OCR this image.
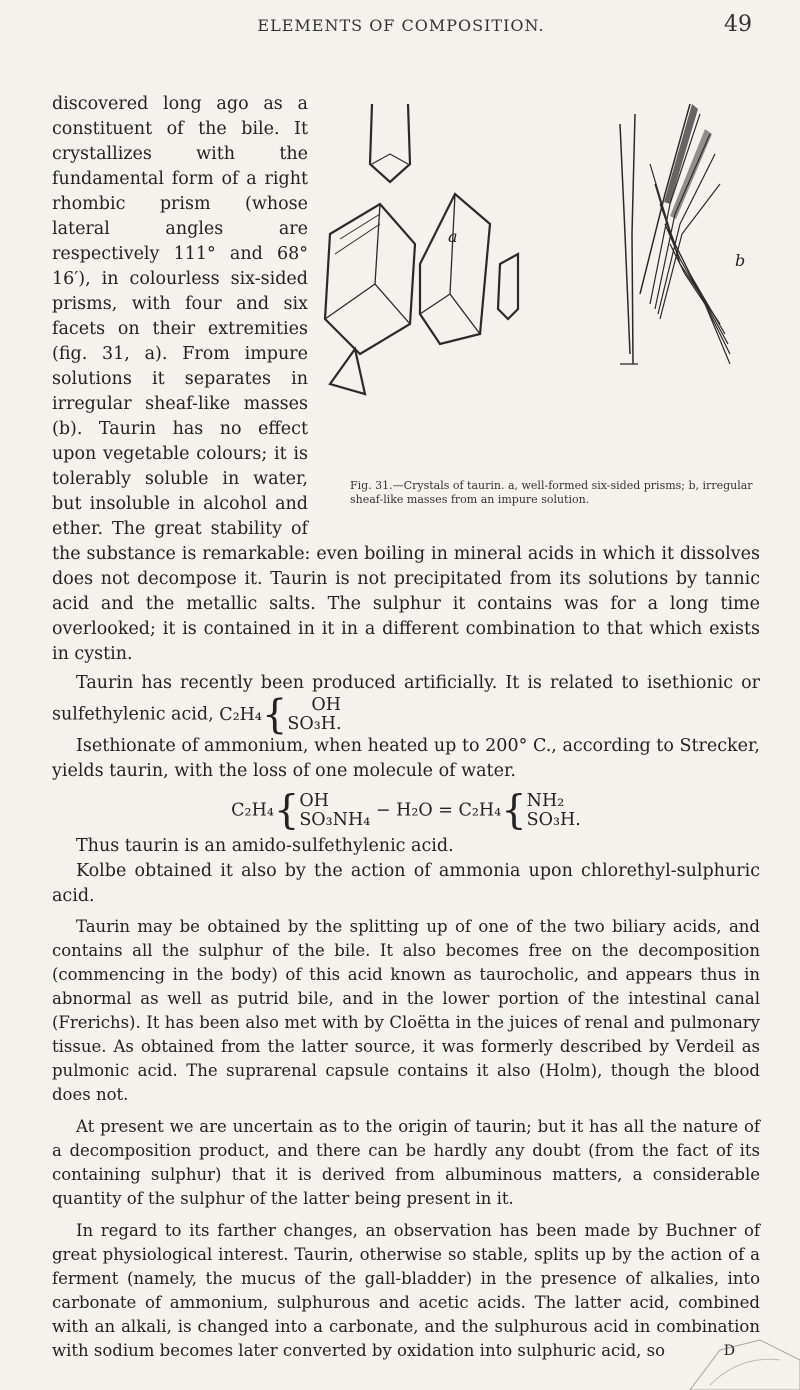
ELEMENTS OF COMPOSITION.	49
a
b
Fig. 31.—Crystals of taurin. a, well-formed six-sided prisms; b, irregular sheaf-like masses from an impure solution.

discovered long ago as a constituent of the bile. It crystallizes with the fundamental form of a right rhombic prism (whose lateral angles are respectively 111° and 68° 16′), in colourless six-sided prisms, with four and six facets on their extremities (fig. 31, a). From impure solutions it separates in irregular sheaf-like masses (b). Taurin has no effect upon vegetable colours; it is tolerably soluble in water, but insoluble in alcohol and ether. The great stability of the substance is remarkable: even boiling in mineral acids in which it dissolves does not decompose it. Taurin is not precipitated from its solutions by tannic acid and the metallic salts. The sulphur it contains was for a long time overlooked; it is contained in it in a different combination to that which exists in cystin.

Taurin has recently been produced artificially. It is related to isethionic or sulfethylenic acid, C₂H₄{ OH
SO₃H.

Isethionate of ammonium, when heated up to 200° C., according to Strecker, yields taurin, with the loss of one molecule of water.

C₂H₄{OH
SO₃NH₄ − H₂O = C₂H₄{NH₂
SO₃H.

Thus taurin is an amido-sulfethylenic acid.

Kolbe obtained it also by the action of ammonia upon chlorethyl-sulphuric acid.

Taurin may be obtained by the splitting up of one of the two biliary acids, and contains all the sulphur of the bile. It also becomes free on the decomposition (commencing in the body) of this acid known as taurocholic, and appears thus in abnormal as well as putrid bile, and in the lower portion of the intestinal canal (Frerichs). It has been also met with by Cloëtta in the juices of renal and pulmonary tissue. As obtained from the latter source, it was formerly described by Verdeil as pulmonic acid. The suprarenal capsule contains it also (Holm), though the blood does not.

At present we are uncertain as to the origin of taurin; but it has all the nature of a decomposition product, and there can be hardly any doubt (from the fact of its containing sulphur) that it is derived from albuminous matters, a considerable quantity of the sulphur of the latter being present in it.

In regard to its farther changes, an observation has been made by Buchner of great physiological interest. Taurin, otherwise so stable, splits up by the action of a ferment (namely, the mucus of the gall-bladder) in the presence of alkalies, into carbonate of ammonium, sulphurous and acetic acids. The latter acid, combined with an alkali, is changed into a carbonate, and the sulphurous acid in combination with sodium becomes later converted by oxidation into sulphuric acid, so	D
